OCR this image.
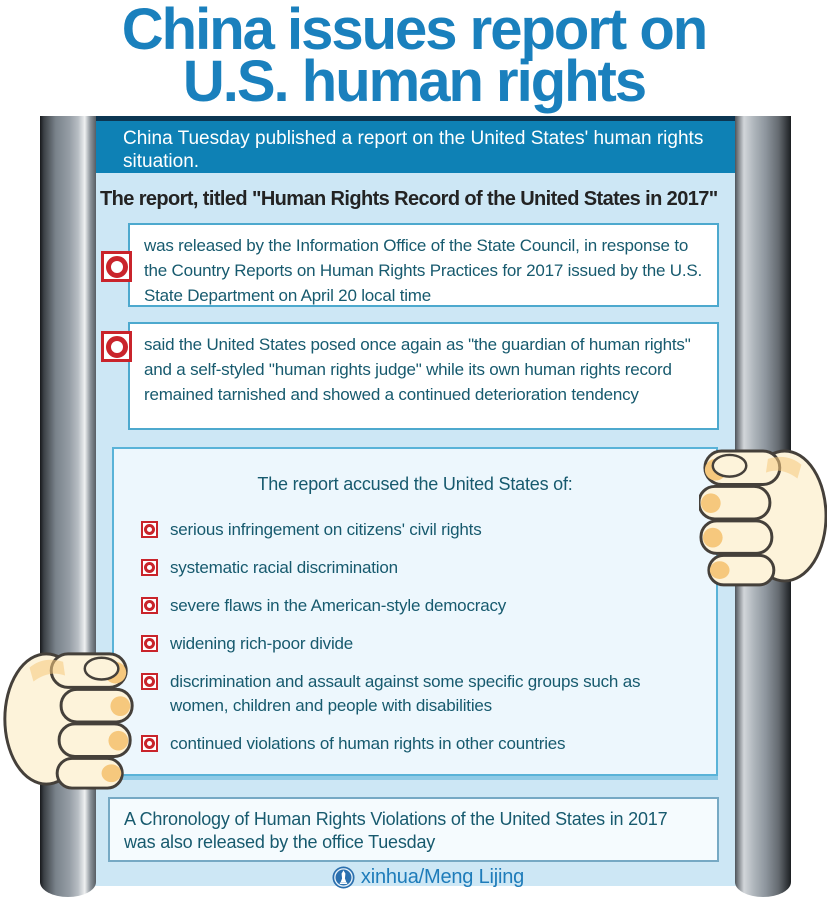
China issues report on
U.S. human rights
China Tuesday published a report on the United States' human rights situation.
The report, titled "Human Rights Record of the United States in 2017"
was released by the Information Office of the State Council, in response to the Country Reports on Human Rights Practices for 2017 issued by the U.S. State Department on April 20 local time
said the United States posed once again as "the guardian of human rights" and a self-styled "human rights judge" while its own human rights record remained tarnished and showed a continued deterioration tendency
The report accused the United States of:
serious infringement on citizens' civil rights
systematic racial discrimination
severe flaws in the American-style democracy
widening rich-poor divide
discrimination and assault against some specific groups such as women, children and people with disabilities
continued violations of human rights in other countries
A Chronology of Human Rights Violations of the United States in 2017 was also released by the office Tuesday
xinhua/Meng Lijing
